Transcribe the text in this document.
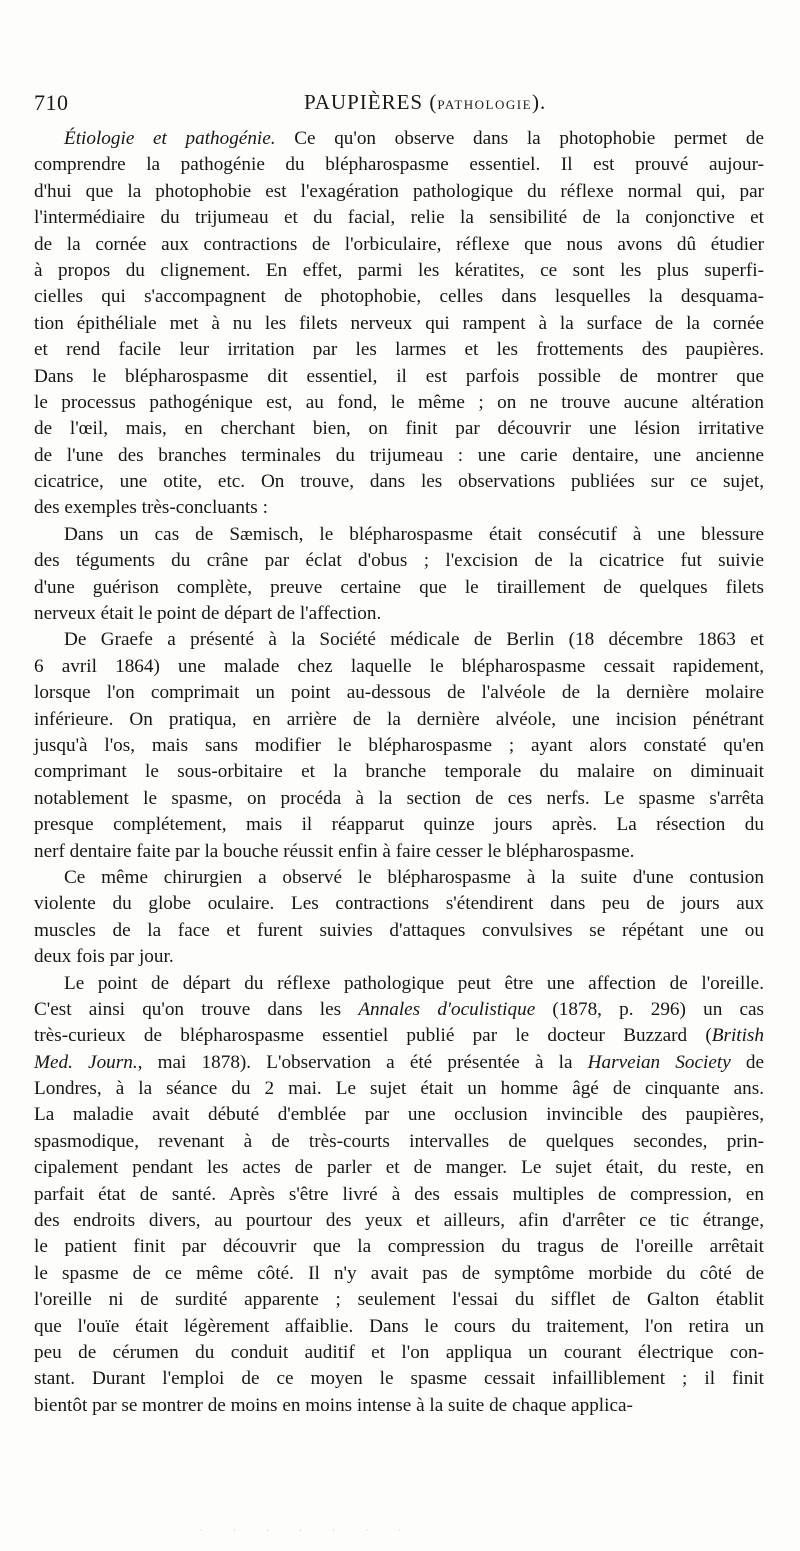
710	PAUPIÈRES (PATHOLOGIE).
Étiologie et pathogénie. Ce qu'on observe dans la photophobie permet de
comprendre la pathogénie du blépharospasme essentiel. Il est prouvé aujour-
d'hui que la photophobie est l'exagération pathologique du réflexe normal qui, par
l'intermédiaire du trijumeau et du facial, relie la sensibilité de la conjonctive et
de la cornée aux contractions de l'orbiculaire, réflexe que nous avons dû étudier
à propos du clignement. En effet, parmi les kératites, ce sont les plus superfi-
cielles qui s'accompagnent de photophobie, celles dans lesquelles la desquama-
tion épithéliale met à nu les filets nerveux qui rampent à la surface de la cornée
et rend facile leur irritation par les larmes et les frottements des paupières.
Dans le blépharospasme dit essentiel, il est parfois possible de montrer que
le processus pathogénique est, au fond, le même ; on ne trouve aucune altération
de l'œil, mais, en cherchant bien, on finit par découvrir une lésion irritative
de l'une des branches terminales du trijumeau : une carie dentaire, une ancienne
cicatrice, une otite, etc. On trouve, dans les observations publiées sur ce sujet,
des exemples très-concluants :
Dans un cas de Sæmisch, le blépharospasme était consécutif à une blessure
des téguments du crâne par éclat d'obus ; l'excision de la cicatrice fut suivie
d'une guérison complète, preuve certaine que le tiraillement de quelques filets
nerveux était le point de départ de l'affection.
De Graefe a présenté à la Société médicale de Berlin (18 décembre 1863 et
6 avril 1864) une malade chez laquelle le blépharospasme cessait rapidement,
lorsque l'on comprimait un point au-dessous de l'alvéole de la dernière molaire
inférieure. On pratiqua, en arrière de la dernière alvéole, une incision pénétrant
jusqu'à l'os, mais sans modifier le blépharospasme ; ayant alors constaté qu'en
comprimant le sous-orbitaire et la branche temporale du malaire on diminuait
notablement le spasme, on procéda à la section de ces nerfs. Le spasme s'arrêta
presque complétement, mais il réapparut quinze jours après. La résection du
nerf dentaire faite par la bouche réussit enfin à faire cesser le blépharospasme.
Ce même chirurgien a observé le blépharospasme à la suite d'une contusion
violente du globe oculaire. Les contractions s'étendirent dans peu de jours aux
muscles de la face et furent suivies d'attaques convulsives se répétant une ou
deux fois par jour.
Le point de départ du réflexe pathologique peut être une affection de l'oreille.
C'est ainsi qu'on trouve dans les Annales d'oculistique (1878, p. 296) un cas
très-curieux de blépharospasme essentiel publié par le docteur Buzzard (British
Med. Journ., mai 1878). L'observation a été présentée à la Harveian Society de
Londres, à la séance du 2 mai. Le sujet était un homme âgé de cinquante ans.
La maladie avait débuté d'emblée par une occlusion invincible des paupières,
spasmodique, revenant à de très-courts intervalles de quelques secondes, prin-
cipalement pendant les actes de parler et de manger. Le sujet était, du reste, en
parfait état de santé. Après s'être livré à des essais multiples de compression, en
des endroits divers, au pourtour des yeux et ailleurs, afin d'arrêter ce tic étrange,
le patient finit par découvrir que la compression du tragus de l'oreille arrêtait
le spasme de ce même côté. Il n'y avait pas de symptôme morbide du côté de
l'oreille ni de surdité apparente ; seulement l'essai du sifflet de Galton établit
que l'ouïe était légèrement affaiblie. Dans le cours du traitement, l'on retira un
peu de cérumen du conduit auditif et l'on appliqua un courant électrique con-
stant. Durant l'emploi de ce moyen le spasme cessait infailliblement ; il finit
bientôt par se montrer de moins en moins intense à la suite de chaque applica-
· · · · · · ·
